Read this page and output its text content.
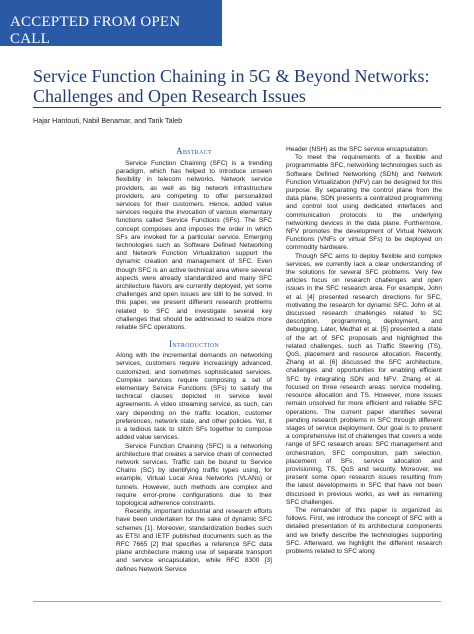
ACCEPTED FROM OPEN CALL
Service Function Chaining in 5G & Beyond Networks: Challenges and Open Research Issues
Hajar Hantouti, Nabil Benamar, and Tarik Taleb
Abstract

Service Function Chaining (SFC) is a trending paradigm, which has helped to introduce unseen flexibility in telecom networks. Network service providers, as well as big network infrastructure providers, are competing to offer personalized services for their customers. Hence, added value services require the invocation of various elementary functions called Service Functions (SFs). The SFC concept composes and imposes the order in which SFs are invoked for a particular service. Emerging technologies such as Software Defined Networking and Network Function Virtualization support the dynamic creation and management of SFC. Even though SFC is an active technical area where several aspects were already standardized and many SFC architecture flavors are currently deployed, yet some challenges and open issues are still to be solved. In this paper, we present different research problems related to SFC and investigate several key challenges that should be addressed to realize more reliable SFC operations.

Introduction

Along with the incremental demands on networking services, customers require increasingly advanced, customized, and sometimes sophisticated services. Complex services require composing a set of elementary Service Functions (SFs) to satisfy the technical clauses depicted in service level agreements. A video streaming service, as such, can vary depending on the traffic location, customer preferences, network state, and other policies. Yet, it is a tedious task to stitch SFs together to compose added value services.

Service Function Chaining (SFC) is a networking architecture that creates a service chain of connected network services. Traffic can be bound to Service Chains (SC) by identifying traffic types using, for example, Virtual Local Area Networks (VLANs) or tunnels. However, such methods are complex and require error-prone configurations due to their topological adherence constraints.

Recently, important industrial and research efforts have been undertaken for the sake of dynamic SFC schemes [1]. Moreover, standardization bodies such as ETSI and IETF published documents such as the RFC 7665 [2] that specifies a reference SFC data plane architecture making use of separate transport and service encapsulation, while RFC 8300 [3] defines Network Service

Header (NSH) as the SFC service encapsulation.

To meet the requirements of a flexible and programmable SFC, networking technologies such as Software Defined Networking (SDN) and Network Function Virtualization (NFV) can be designed for this purpose. By separating the control plane from the data plane, SDN presents a centralized programming and control tool using dedicated interfaces and communication protocols to the underlying networking devices in the data plane. Furthermore, NFV promotes the development of Virtual Network Functions (VNFs or virtual SFs) to be deployed on commodity hardware.

Though SFC aims to deploy flexible and complex services, we currently lack a clear understanding of the solutions for several SFC problems. Very few articles focus on research challenges and open issues in the SFC research area. For example, John et al. [4] presented research directions for SFC, motivating the research for dynamic SFC. John et al. discussed research challenges related to SC description, programming, deployment, and debugging. Later, Medhat et al. [5] presented a state of the art of SFC proposals and highlighted the related challenges, such as Traffic Steering (TS), QoS, placement and resource allocation. Recently, Zhang et al. [6] discussed the SFC architecture, challenges and opportunities for enabling efficient SFC by integrating SDN and NFV. Zhang et al. focused on three research areas: service modeling, resource allocation and TS. However, more issues remain unsolved for more efficient and reliable SFC operations. The current paper identifies several pending research problems in SFC through different stages of service deployment. Our goal is to present a comprehensive list of challenges that covers a wide range of SFC research areas: SFC management and orchestration, SFC composition, path selection, placement of SFs, service allocation and provisioning, TS, QoS and security. Moreover, we present some open research issues resulting from the latest developments in SFC that have not been discussed in previous works, as well as remaining SFC challenges.

The remainder of this paper is organized as follows. First, we introduce the concept of SFC with a detailed presentation of its architectural components and we briefly describe the technologies supporting SFC. Afterward, we highlight the different research problems related to SFC along
